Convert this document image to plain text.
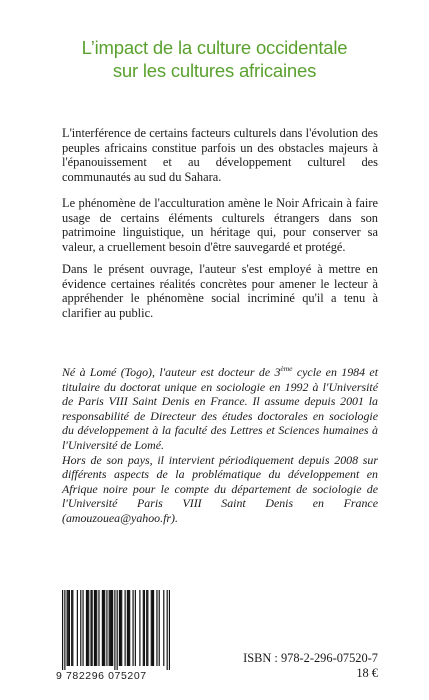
L’impact de la culture occidentale
sur les cultures africaines

L'interférence de certains facteurs culturels dans l'évolution des peuples africains constitue parfois un des obstacles majeurs à l'épanouissement et au développement culturel des communautés au sud du Sahara.

Le phénomène de l'acculturation amène le Noir Africain à faire usage de certains éléments culturels étrangers dans son patrimoine linguistique, un héritage qui, pour conserver sa valeur, a cruellement besoin d'être sauvegardé et protégé.

Dans le présent ouvrage, l'auteur s'est employé à mettre en évidence certaines réalités concrètes pour amener le lecteur à appréhender le phénomène social incriminé qu'il a tenu à clarifier au public.

Né à Lomé (Togo), l'auteur est docteur de 3ème cycle en 1984 et titulaire du doctorat unique en sociologie en 1992 à l'Université de Paris VIII Saint Denis en France. Il assume depuis 2001 la responsabilité de Directeur des études doctorales en sociologie du développement à la faculté des Lettres et Sciences humaines à l'Université de Lomé.

Hors de son pays, il intervient périodiquement depuis 2008 sur différents aspects de la problématique du développement en Afrique noire pour le compte du département de sociologie de l'Université Paris VIII Saint Denis en France (amouzouea@yahoo.fr).

9 782296 075207
ISBN : 978-2-296-07520-7
18 €
